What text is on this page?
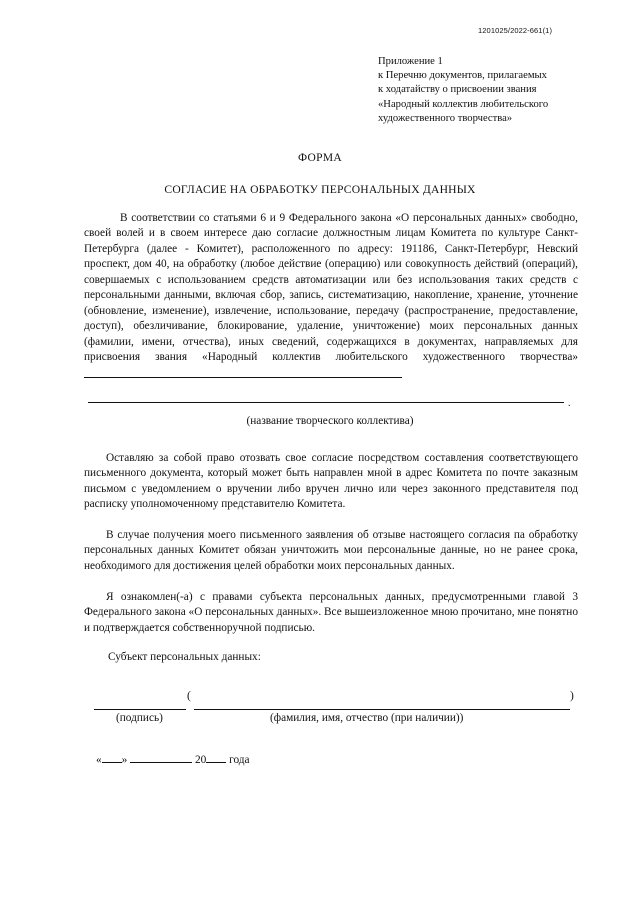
1201025/2022-661(1)
Приложение 1
к Перечню документов, прилагаемых
к ходатайству о присвоении звания
«Народный коллектив любительского
художественного творчества»
ФОРМА
СОГЛАСИЕ НА ОБРАБОТКУ ПЕРСОНАЛЬНЫХ ДАННЫХ
В соответствии со статьями 6 и 9 Федерального закона «О персональных данных» свободно, своей волей и в своем интересе даю согласие должностным лицам Комитета по культуре Санкт-Петербурга (далее - Комитет), расположенного по адресу: 191186, Санкт-Петербург, Невский проспект, дом 40, на обработку (любое действие (операцию) или совокупность действий (операций), совершаемых с использованием средств автоматизации или без использования таких средств с персональными данными, включая сбор, запись, систематизацию, накопление, хранение, уточнение (обновление, изменение), извлечение, использование, передачу (распространение, предоставление, доступ), обезличивание, блокирование, удаление, уничтожение) моих персональных данных (фамилии, имени, отчества), иных сведений, содержащихся в документах, направляемых для присвоения звания «Народный коллектив любительского художественного творчества»
.
(название творческого коллектива)
Оставляю за собой право отозвать свое согласие посредством составления соответствующего письменного документа, который может быть направлен мной в адрес Комитета по почте заказным письмом с уведомлением о вручении либо вручен лично или через законного представителя под расписку уполномоченному представителю Комитета.
В случае получения моего письменного заявления об отзыве настоящего согласия па обработку персональных данных Комитет обязан уничтожить мои персональные данные, но не ранее срока, необходимого для достижения целей обработки моих персональных данных.
Я ознакомлен(-а) с правами субъекта персональных данных, предусмотренными главой 3 Федерального закона «О персональных данных». Все вышеизложенное мною прочитано, мне понятно и подтверждается собственноручной подписью.
Субъект персональных данных:
(	)
(подпись)	(фамилия, имя, отчество (при наличии))
« »	20 года
